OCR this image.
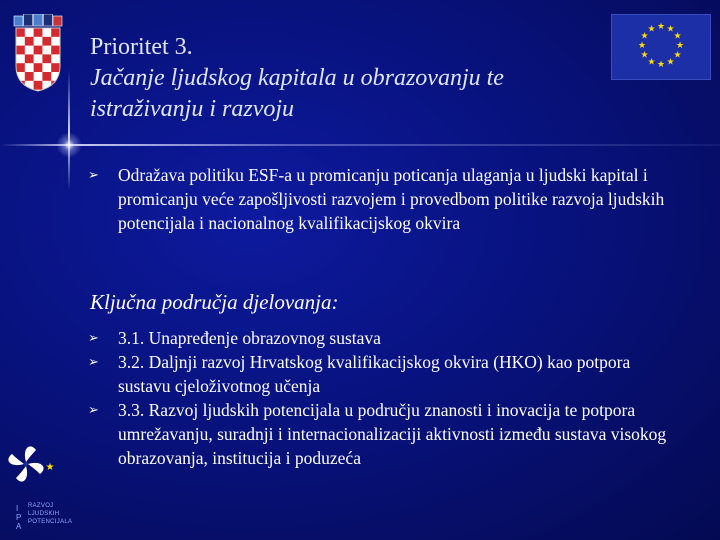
★ ★
★
★
★
★
★
★
★
★
★
★
Prioritet 3.
Jačanje ljudskog kapitala u obrazovanju te istraživanju i razvoju
➢	Odražava politiku ESF-a u promicanju poticanja ulaganja u ljudski kapital i promicanju veće zapošljivosti razvojem i provedbom politike razvoja ljudskih potencijala i nacionalnog kvalifikacijskog okvira
Ključna područja djelovanja:
➢	3.1. Unapređenje obrazovnog sustava
➢	3.2. Daljnji razvoj Hrvatskog kvalifikacijskog okvira (HKO) kao potpora sustavu cjeloživotnog učenja
➢	3.3. Razvoj ljudskih potencijala u području znanosti i inovacija te potpora umrežavanju, suradnji i internacionalizaciji aktivnosti između sustava visokog obrazovanja, institucija i poduzeća
★
I
P
A
RAZVOJ
LJUDSKIH
POTENCIJALA
